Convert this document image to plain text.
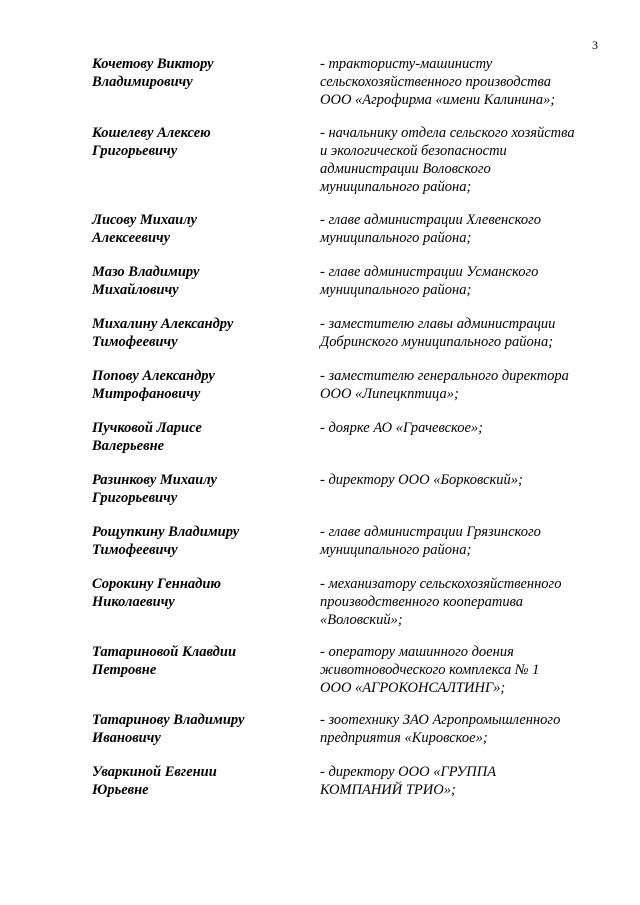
3
Кочетову Виктору
Владимировичу
- трактористу-машинисту
сельскохозяйственного производства
ООО «Агрофирма «имени Калинина»;
Кошелеву Алексею
Григорьевичу
- начальнику отдела сельского хозяйства
и экологической безопасности
администрации Воловского
муниципального района;
Лисову Михаилу
Алексеевичу
- главе администрации Хлевенского
муниципального района;
Мазо Владимиру
Михайловичу
- главе администрации Усманского
муниципального района;
Михалину Александру
Тимофеевичу
- заместителю главы администрации
Добринского муниципального района;
Попову Александру
Митрофановичу
- заместителю генерального директора
ООО «Липецкптица»;
Пучковой Ларисе
Валерьевне
- доярке АО «Грачевское»;
Разинкову Михаилу
Григорьевичу
- директору ООО «Борковский»;
Рощупкину Владимиру
Тимофеевичу
- главе администрации Грязинского
муниципального района;
Сорокину Геннадию
Николаевичу
- механизатору сельскохозяйственного
производственного кооператива
«Воловский»;
Татариновой Клавдии
Петровне
- оператору машинного доения
животноводческого комплекса № 1
ООО «АГРОКОНСАЛТИНГ»;
Татаринову Владимиру
Ивановичу
- зоотехнику ЗАО Агропромышленного
предприятия «Кировское»;
Уваркиной Евгении
Юрьевне
- директору ООО «ГРУППА
КОМПАНИЙ ТРИО»;
